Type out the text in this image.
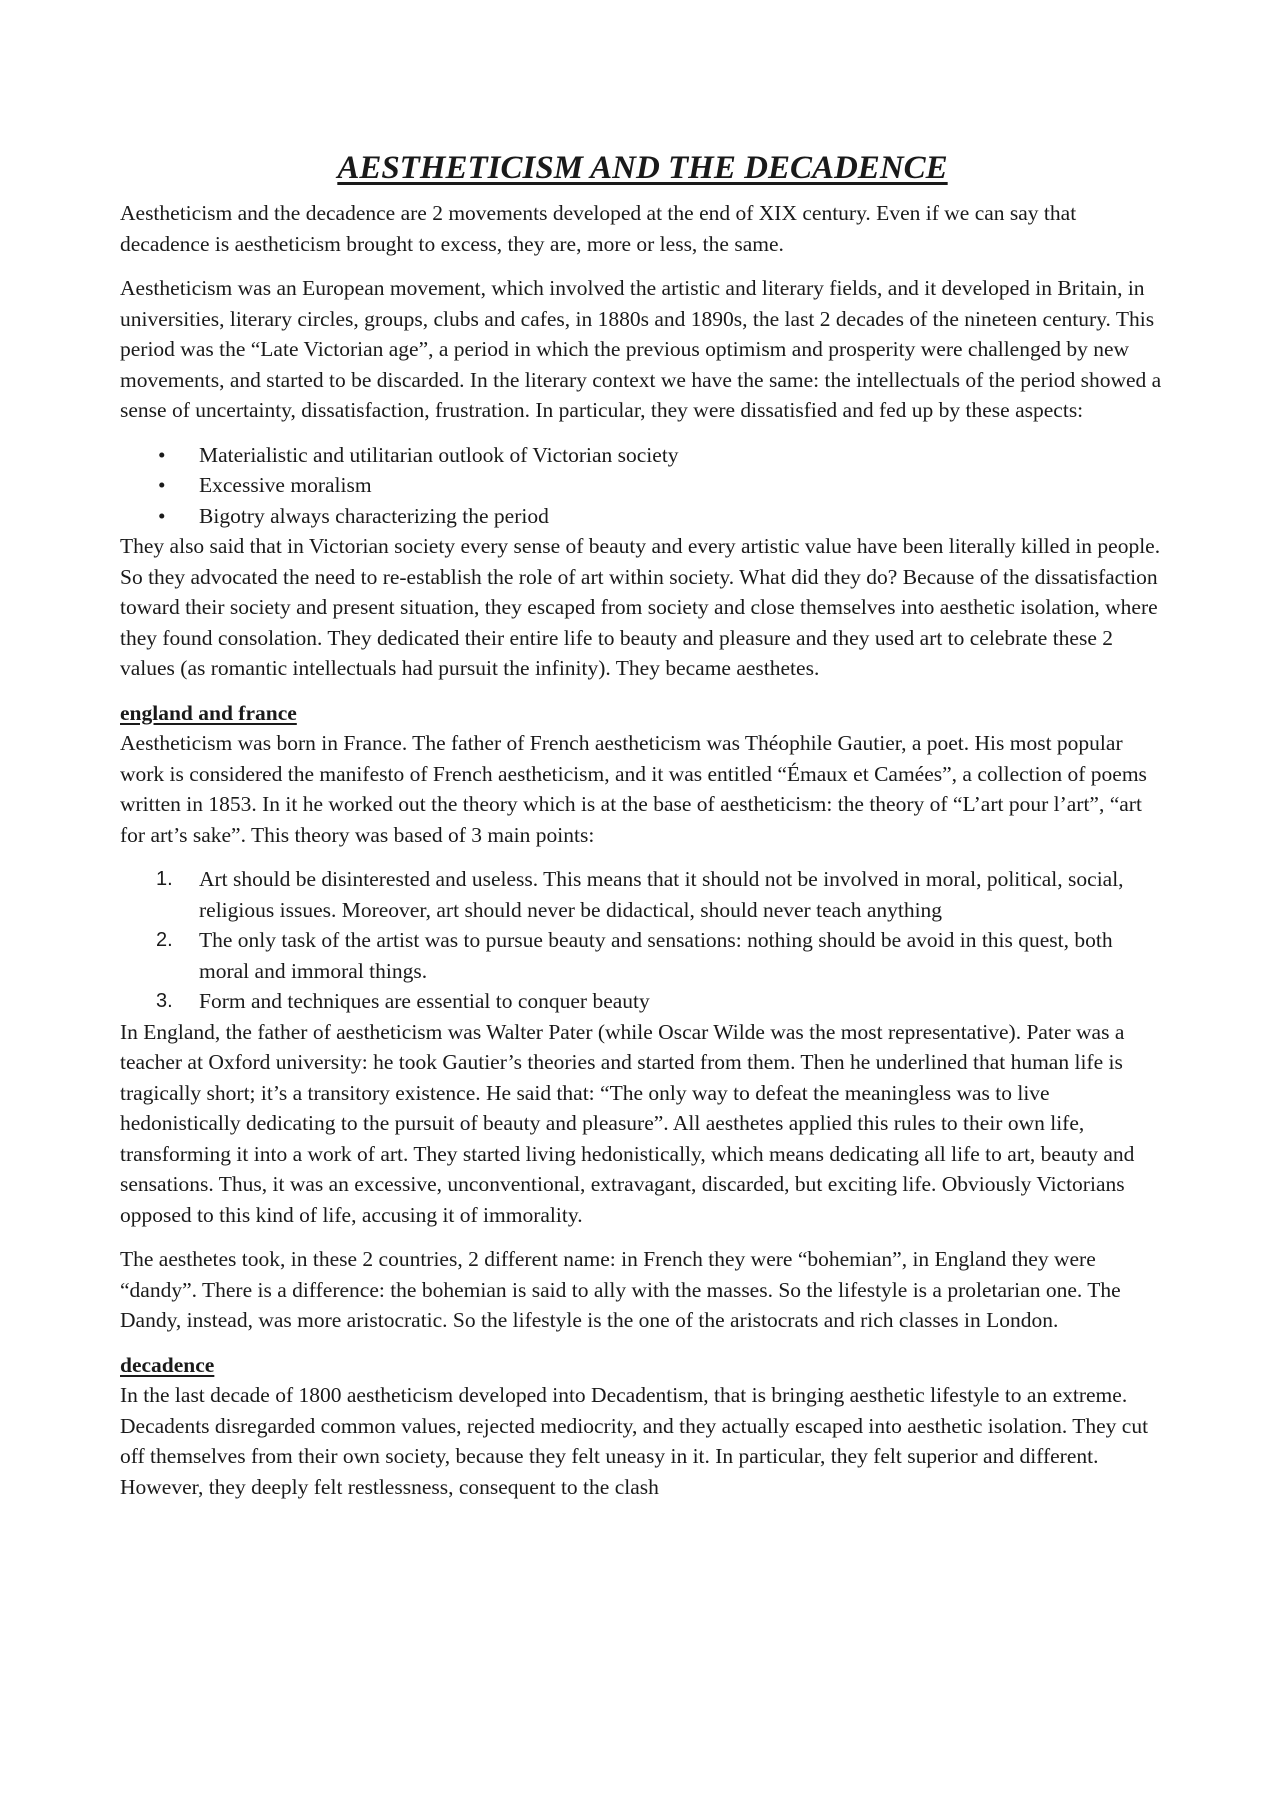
AESTHETICISM AND THE DECADENCE

Aestheticism and the decadence are 2 movements developed at the end of XIX century. Even if we can say that decadence is aestheticism brought to excess, they are, more or less, the same.

Aestheticism was an European movement, which involved the artistic and literary fields, and it developed in Britain, in universities, literary circles, groups, clubs and cafes, in 1880s and 1890s, the last 2 decades of the nineteen century. This period was the “Late Victorian age”, a period in which the previous optimism and prosperity were challenged by new movements, and started to be discarded. In the literary context we have the same: the intellectuals of the period showed a sense of uncertainty, dissatisfaction, frustration. In particular, they were dissatisfied and fed up by these aspects:

• Materialistic and utilitarian outlook of Victorian society
• Excessive moralism
• Bigotry always characterizing the period

They also said that in Victorian society every sense of beauty and every artistic value have been literally killed in people. So they advocated the need to re-establish the role of art within society. What did they do? Because of the dissatisfaction toward their society and present situation, they escaped from society and close themselves into aesthetic isolation, where they found consolation. They dedicated their entire life to beauty and pleasure and they used art to celebrate these 2 values (as romantic intellectuals had pursuit the infinity). They became aesthetes.

england and france

Aestheticism was born in France. The father of French aestheticism was Théophile Gautier, a poet. His most popular work is considered the manifesto of French aestheticism, and it was entitled “Émaux et Camées”, a collection of poems written in 1853. In it he worked out the theory which is at the base of aestheticism: the theory of “L’art pour l’art”, “art for art’s sake”. This theory was based of 3 main points:

1. Art should be disinterested and useless. This means that it should not be involved in moral, political, social, religious issues. Moreover, art should never be didactical, should never teach anything
2. The only task of the artist was to pursue beauty and sensations: nothing should be avoid in this quest, both moral and immoral things.
3. Form and techniques are essential to conquer beauty

In England, the father of aestheticism was Walter Pater (while Oscar Wilde was the most representative). Pater was a teacher at Oxford university: he took Gautier’s theories and started from them. Then he underlined that human life is tragically short; it’s a transitory existence. He said that: “The only way to defeat the meaningless was to live hedonistically dedicating to the pursuit of beauty and pleasure”. All aesthetes applied this rules to their own life, transforming it into a work of art. They started living hedonistically, which means dedicating all life to art, beauty and sensations. Thus, it was an excessive, unconventional, extravagant, discarded, but exciting life. Obviously Victorians opposed to this kind of life, accusing it of immorality.

The aesthetes took, in these 2 countries, 2 different name: in French they were “bohemian”, in England they were “dandy”. There is a difference: the bohemian is said to ally with the masses. So the lifestyle is a proletarian one. The Dandy, instead, was more aristocratic. So the lifestyle is the one of the aristocrats and rich classes in London.

decadence

In the last decade of 1800 aestheticism developed into Decadentism, that is bringing aesthetic lifestyle to an extreme. Decadents disregarded common values, rejected mediocrity, and they actually escaped into aesthetic isolation. They cut off themselves from their own society, because they felt uneasy in it. In particular, they felt superior and different. However, they deeply felt restlessness, consequent to the clash
